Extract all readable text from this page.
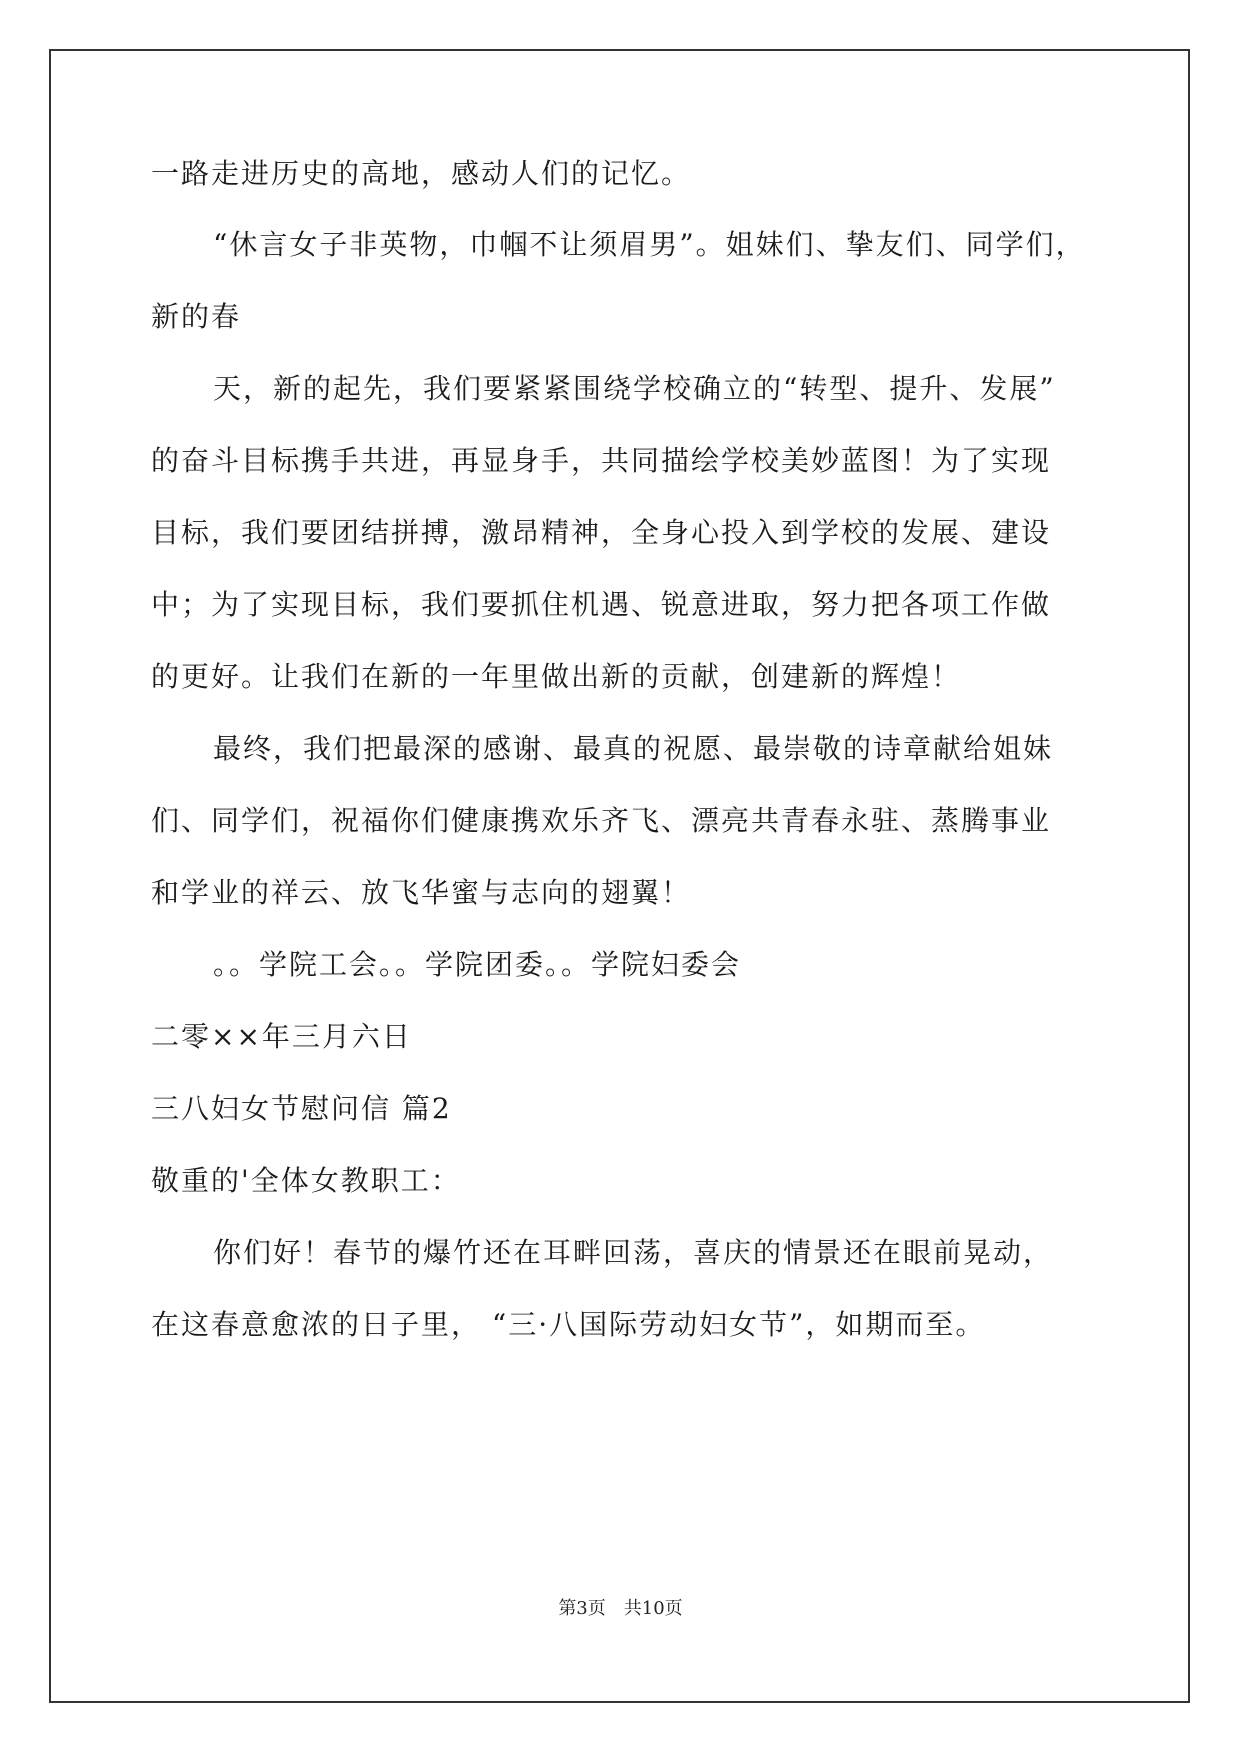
一路走进历史的高地，感动人们的记忆。
“休言女子非英物，巾帼不让须眉男”。姐妹们、挚友们、同学们，
新的春
天，新的起先，我们要紧紧围绕学校确立的“转型、提升、发展”
的奋斗目标携手共进，再显身手，共同描绘学校美妙蓝图！为了实现
目标，我们要团结拼搏，激昂精神，全身心投入到学校的发展、建设
中；为了实现目标，我们要抓住机遇、锐意进取，努力把各项工作做
的更好。让我们在新的一年里做出新的贡献，创建新的辉煌！
最终，我们把最深的感谢、最真的祝愿、最崇敬的诗章献给姐妹
们、同学们，祝福你们健康携欢乐齐飞、漂亮共青春永驻、蒸腾事业
和学业的祥云、放飞华蜜与志向的翅翼！
。。学院工会。。学院团委。。学院妇委会
二零××年三月六日
三八妇女节慰问信 篇2
敬重的'全体女教职工：
你们好！春节的爆竹还在耳畔回荡，喜庆的情景还在眼前晃动，
在这春意愈浓的日子里， “三·八国际劳动妇女节”，如期而至。
第3页　共10页
